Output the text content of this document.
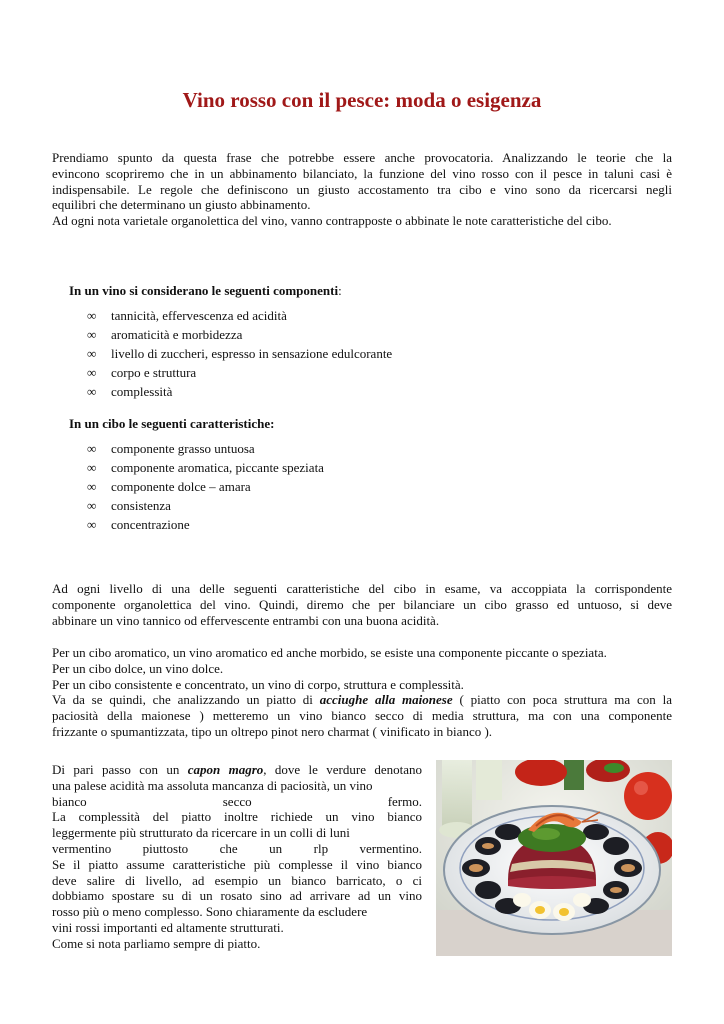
Vino rosso con il pesce: moda o esigenza

Prendiamo spunto da questa frase che potrebbe essere anche provocatoria. Analizzando le teorie che la

evincono scopriremo che in un abbinamento bilanciato, la funzione del vino rosso con il pesce in taluni casi è

indispensabile. Le regole che definiscono un giusto accostamento tra cibo e vino sono da ricercarsi negli

equilibri che determinano un giusto abbinamento.

Ad ogni nota varietale organolettica del vino, vanno contrapposte o abbinate le note caratteristiche del cibo.

In un vino si considerano le seguenti componenti:

∞ tannicità, effervescenza ed acidità
∞ aromaticità e morbidezza
∞ livello di zuccheri, espresso in sensazione edulcorante
∞ corpo e struttura
∞ complessità

In un cibo le seguenti caratteristiche:

∞ componente grasso untuosa
∞ componente aromatica, piccante speziata
∞ componente dolce – amara
∞ consistenza
∞ concentrazione

Ad ogni livello di una delle seguenti caratteristiche del cibo in esame, va accoppiata la corrispondente

componente organolettica del vino. Quindi, diremo che per bilanciare un cibo grasso ed untuoso, si deve

abbinare un vino tannico od effervescente entrambi con una buona acidità.

Per un cibo aromatico, un vino aromatico ed anche morbido, se esiste una componente piccante o speziata.

Per un cibo dolce, un vino dolce.

Per un cibo consistente e concentrato, un vino di corpo, struttura e complessità.

Va da se quindi, che analizzando un piatto di acciughe alla maionese ( piatto con poca struttura ma con la

paciosità della maionese ) metteremo un vino bianco secco di media struttura, ma con una componente

frizzante o spumantizzata, tipo un oltrepo pinot nero charmat ( vinificato in bianco ).

Di pari passo con un capon magro, dove le verdure denotano

una palese acidità ma assoluta mancanza di paciosità, un vino

bianco secco fermo.

La complessità del piatto inoltre richiede un vino bianco

leggermente più strutturato da ricercare in un colli di luni

vermentino piuttosto che un rlp vermentino.

Se il piatto assume caratteristiche più complesse il vino bianco

deve salire di livello, ad esempio un bianco barricato, o ci

dobbiamo spostare su di un rosato sino ad arrivare ad un vino

rosso più o meno complesso. Sono chiaramente da escludere

vini rossi importanti ed altamente strutturati.

Come si nota parliamo sempre di piatto.
